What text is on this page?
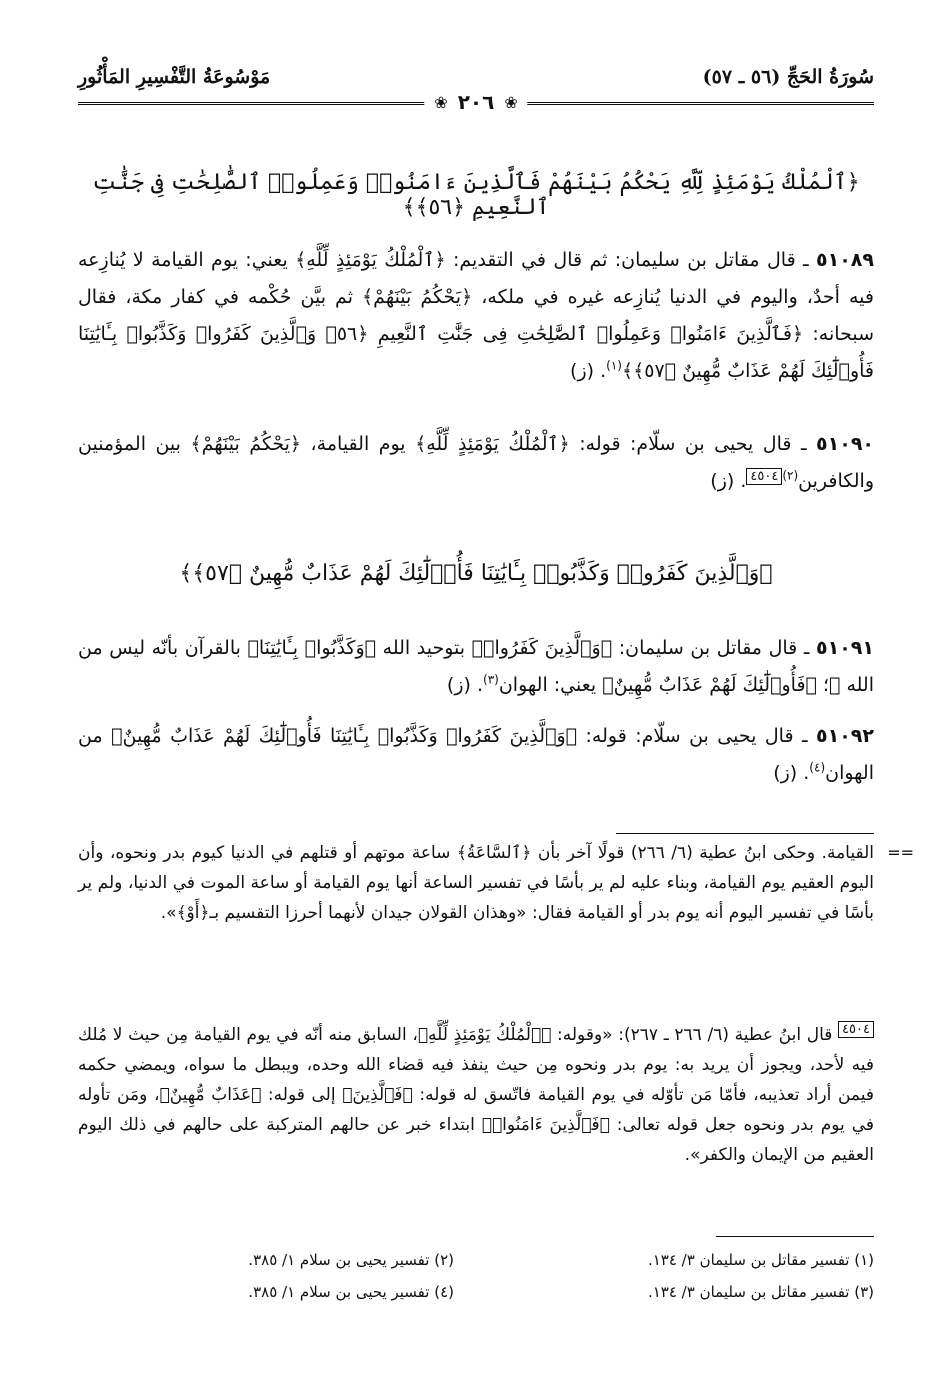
سُورَةُ الحَجِّ (٥٦ ـ ٥٧)
مَوْسُوعَةُ التَّفْسِيرِ المَأْثُورِ
❀
٢٠٦
❀
﴿ٱلْمُلْكُ يَوْمَئِذٍ لِّلَّهِ يَحْكُمُ بَيْنَهُمْ فَٱلَّذِينَ ءَامَنُوا۟ وَعَمِلُوا۟ ٱلصَّٰلِحَٰتِ فِى جَنَّٰتِ ٱلنَّعِيمِ ﴿٥٦﴾﴾
٥١٠٨٩ ـ قال مقاتل بن سليمان: ثم قال في التقديم: ﴿ٱلْمُلْكُ يَوْمَئِذٍ لِّلَّهِ﴾ يعني: يوم القيامة لا يُنازِعه فيه أحدٌ، واليوم في الدنيا يُنازِعه غيره في ملكه، ﴿يَحْكُمُ بَيْنَهُمْ﴾ ثم بيَّن حُكْمه في كفار مكة، فقال سبحانه: ﴿فَٱلَّذِينَ ءَامَنُوا۟ وَعَمِلُوا۟ ٱلصَّٰلِحَٰتِ فِى جَنَّٰتِ ٱلنَّعِيمِ ﴿٥٦﴾ وَٱلَّذِينَ كَفَرُوا۟ وَكَذَّبُوا۟ بِـَٔايَٰتِنَا فَأُو۟لَٰٓئِكَ لَهُمْ عَذَابٌ مُّهِينٌ ﴿٥٧﴾﴾$^{(١)}$. (ز)
٥١٠٩٠ ـ قال يحيى بن سلّام: قوله: ﴿ٱلْمُلْكُ يَوْمَئِذٍ لِّلَّهِ﴾ يوم القيامة، ﴿يَحْكُمُ بَيْنَهُمْ﴾ بين المؤمنين والكافرين$^{(٢)}$٤٥٠٤. (ز)
﴿وَٱلَّذِينَ كَفَرُوا۟ وَكَذَّبُوا۟ بِـَٔايَٰتِنَا فَأُو۟لَٰٓئِكَ لَهُمْ عَذَابٌ مُّهِينٌ ﴿٥٧﴾﴾
٥١٠٩١ ـ قال مقاتل بن سليمان: ﴿وَٱلَّذِينَ كَفَرُوا۟﴾ بتوحيد الله ﴿وَكَذَّبُوا۟ بِـَٔايَٰتِنَا﴾ بالقرآن بأنّه ليس من الله ﷻ؛ ﴿فَأُو۟لَٰٓئِكَ لَهُمْ عَذَابٌ مُّهِينٌ﴾ يعني: الهوان$^{(٣)}$. (ز)
٥١٠٩٢ ـ قال يحيى بن سلّام: قوله: ﴿وَٱلَّذِينَ كَفَرُوا۟ وَكَذَّبُوا۟ بِـَٔايَٰتِنَا فَأُو۟لَٰٓئِكَ لَهُمْ عَذَابٌ مُّهِينٌ﴾ من الهوان$^{(٤)}$. (ز)
==
القيامة. وحكى ابنُ عطية (٦/ ٢٦٦) قولًا آخر بأن ﴿ٱلسَّاعَةُ﴾ ساعة موتهم أو قتلهم في الدنيا كيوم بدر ونحوه، وأن اليوم العقيم يوم القيامة، وبناء عليه لم ير بأسًا في تفسير الساعة أنها يوم القيامة أو ساعة الموت في الدنيا، ولم ير بأسًا في تفسير اليوم أنه يوم بدر أو القيامة فقال: «وهذان القولان جيدان لأنهما أحرزا التقسيم بـ﴿أَوْ﴾».
٤٥٠٤ قال ابنُ عطية (٦/ ٢٦٦ ـ ٢٦٧): «وقوله: ﴿ٱلْمُلْكُ يَوْمَئِذٍ لِّلَّهِ﴾، السابق منه أنّه في يوم القيامة مِن حيث لا مُلك فيه لأحد، ويجوز أن يريد به: يوم بدر ونحوه مِن حيث ينفذ فيه قضاء الله وحده، ويبطل ما سواه، ويمضي حكمه فيمن أراد تعذيبه، فأمّا مَن تأوّله في يوم القيامة فاتّسق له قوله: ﴿فَٱلَّذِينَ﴾ إلى قوله: ﴿عَذَابٌ مُّهِينٌ﴾، ومَن تأوله في يوم بدر ونحوه جعل قوله تعالى: ﴿فَٱلَّذِينَ ءَامَنُوا۟﴾ ابتداء خبر عن حالهم المتركبة على حالهم في ذلك اليوم العقيم من الإيمان والكفر».
(١) تفسير مقاتل بن سليمان ٣/ ١٣٤.
(٢) تفسير يحيى بن سلام ١/ ٣٨٥.
(٣) تفسير مقاتل بن سليمان ٣/ ١٣٤.
(٤) تفسير يحيى بن سلام ١/ ٣٨٥.
